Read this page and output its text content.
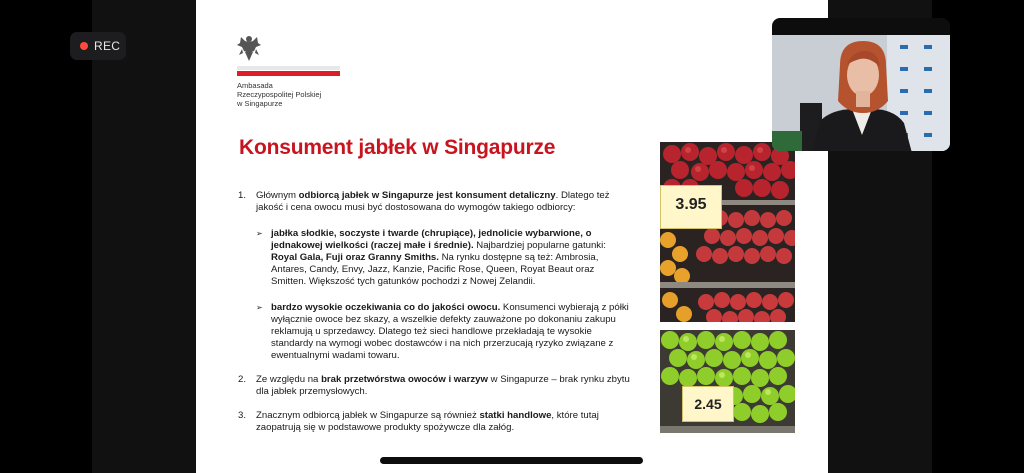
REC
Ambasada
Rzeczypospolitej Polskiej
w Singapurze
Konsument jabłek w Singapurze
1.	Głównym odbiorcą jabłek w Singapurze jest konsument detaliczny. Dlatego też jakość i cena owocu musi być dostosowana do wymogów takiego odbiorcy:
➢ jabłka słodkie, soczyste i twarde (chrupiące), jednolicie wybarwione, o jednakowej wielkości (raczej małe i średnie). Najbardziej popularne gatunki: Royal Gala, Fuji oraz Granny Smiths. Na rynku dostępne są też: Ambrosia, Antares, Candy, Envy, Jazz, Kanzie, Pacific Rose, Queen, Royat Beaut oraz Smitten. Większość tych gatunków pochodzi z Nowej Zelandii.
➢ bardzo wysokie oczekiwania co do jakości owocu. Konsumenci wybierają z półki wyłącznie owoce bez skazy, a wszelkie defekty zauważone po dokonaniu zakupu reklamują u sprzedawcy. Dlatego też sieci handlowe przekładają te wysokie standardy na wymogi wobec dostawców i na nich przerzucają ryzyko związane z ewentualnymi wadami towaru.
2.	Ze względu na brak przetwórstwa owoców i warzyw w Singapurze – brak rynku zbytu dla jabłek przemysłowych.
3.	Znacznym odbiorcą jabłek w Singapurze są również statki handlowe, które tutaj zaopatrują się w podstawowe produkty spożywcze dla załóg.

3.95

2.45
